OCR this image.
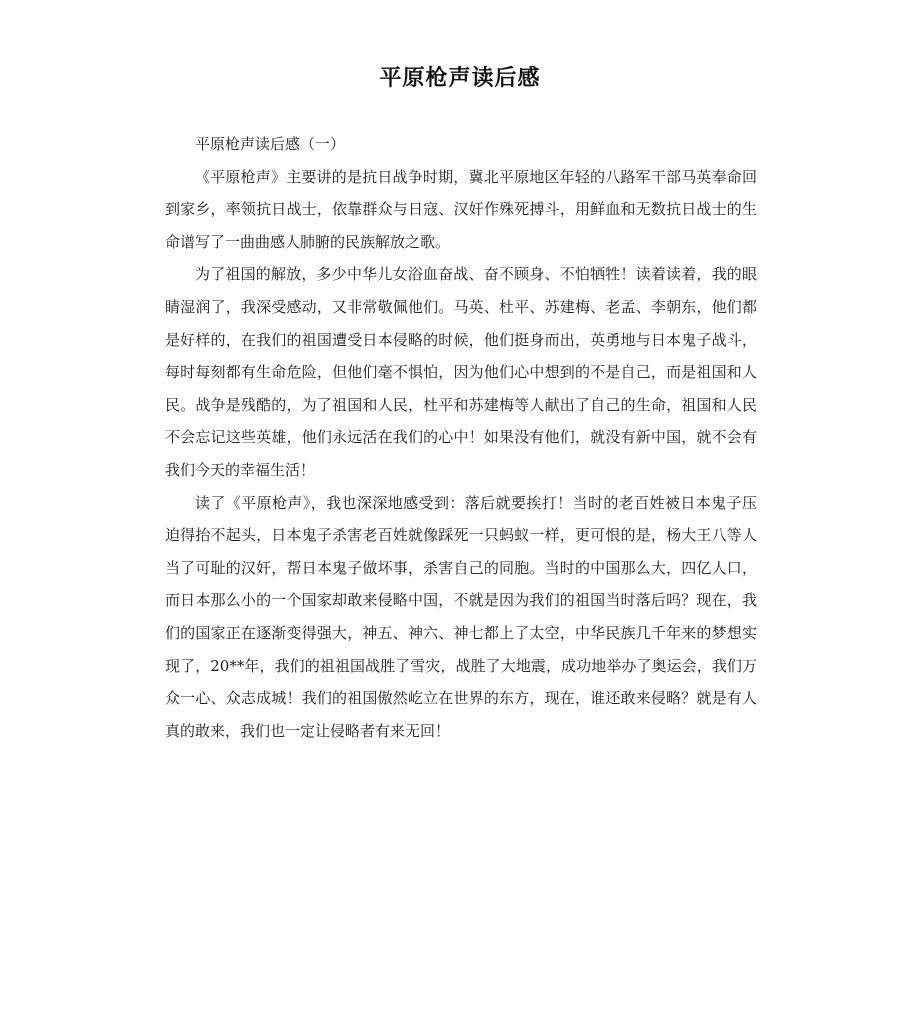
平原枪声读后感

平原枪声读后感（一）

《平原枪声》主要讲的是抗日战争时期，冀北平原地区年轻的八路军干部马英奉命回到家乡，率领抗日战士，依靠群众与日寇、汉奸作殊死搏斗，用鲜血和无数抗日战士的生命谱写了一曲曲感人肺腑的民族解放之歌。

为了祖国的解放，多少中华儿女浴血奋战、奋不顾身、不怕牺牲！读着读着，我的眼睛湿润了，我深受感动，又非常敬佩他们。马英、杜平、苏建梅、老孟、李朝东，他们都是好样的，在我们的祖国遭受日本侵略的时候，他们挺身而出，英勇地与日本鬼子战斗，每时每刻都有生命危险，但他们毫不惧怕，因为他们心中想到的不是自己，而是祖国和人民。战争是残酷的，为了祖国和人民，杜平和苏建梅等人献出了自己的生命，祖国和人民不会忘记这些英雄，他们永远活在我们的心中！如果没有他们，就没有新中国，就不会有我们今天的幸福生活！

读了《平原枪声》，我也深深地感受到：落后就要挨打！当时的老百姓被日本鬼子压迫得抬不起头，日本鬼子杀害老百姓就像踩死一只蚂蚁一样，更可恨的是，杨大王八等人当了可耻的汉奸，帮日本鬼子做坏事，杀害自己的同胞。当时的中国那么大，四亿人口，而日本那么小的一个国家却敢来侵略中国，不就是因为我们的祖国当时落后吗？现在，我们的国家正在逐渐变得强大，神五、神六、神七都上了太空，中华民族几千年来的梦想实现了，20**年，我们的祖祖国战胜了雪灾，战胜了大地震，成功地举办了奥运会，我们万众一心、众志成城！我们的祖国傲然屹立在世界的东方，现在，谁还敢来侵略？就是有人真的敢来，我们也一定让侵略者有来无回！
